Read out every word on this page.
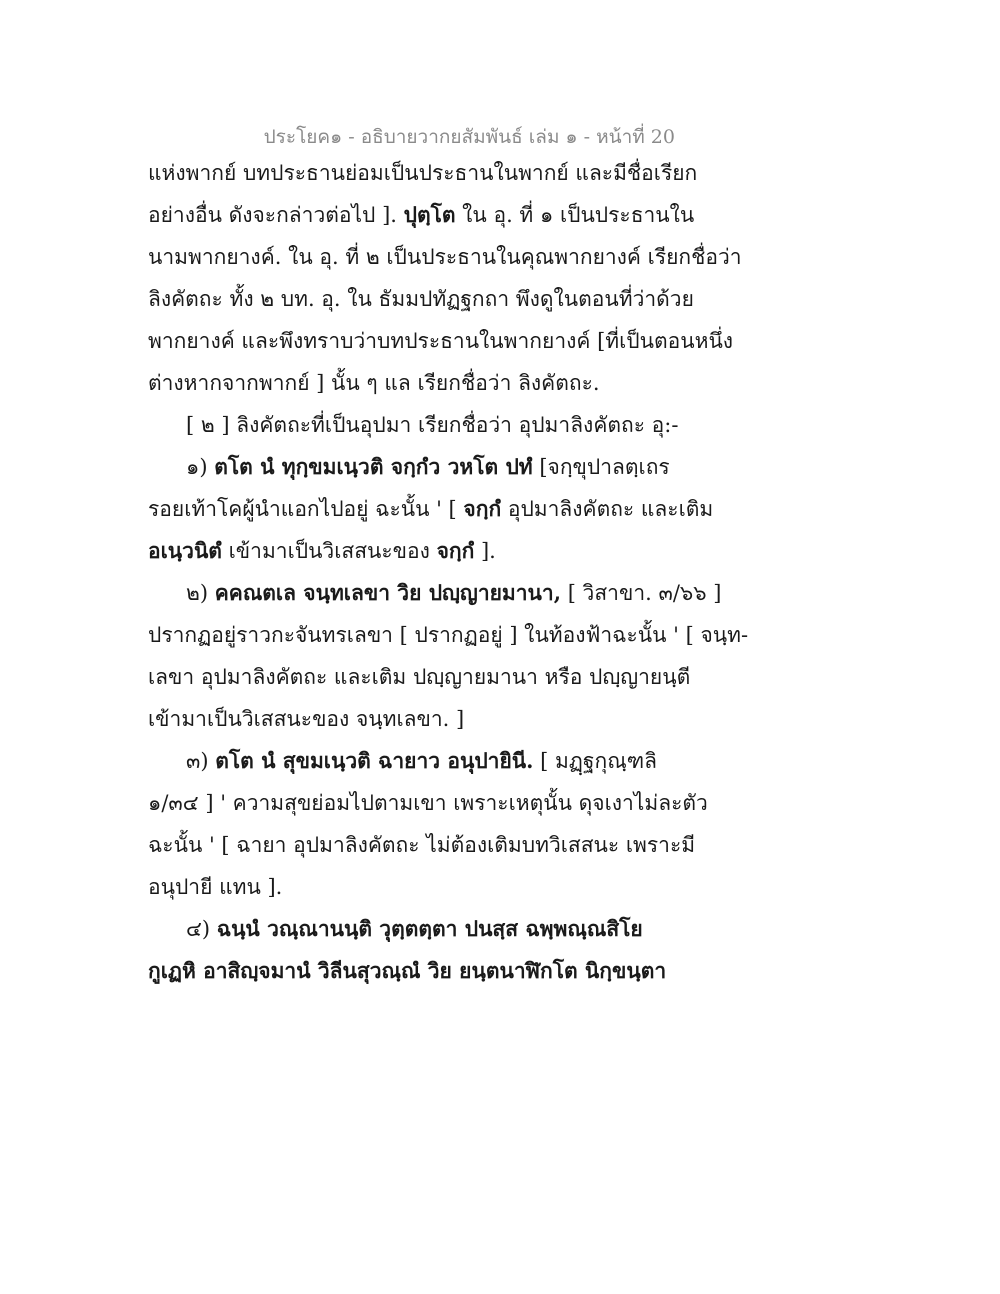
ประโยค๑ - อธิบายวากยสัมพันธ์ เล่ม ๑ - หน้าที่ 20
แห่งพากย์ บทประธานย่อมเป็นประธานในพากย์ และมีชื่อเรียก
อย่างอื่น ดังจะกล่าวต่อไป ]. ปุตฺโต ใน อุ. ที่ ๑ เป็นประธานใน
นามพากยางค์. ใน อุ. ที่ ๒ เป็นประธานในคุณพากยางค์ เรียกชื่อว่า
ลิงคัตถะ ทั้ง ๒ บท. อุ. ใน ธัมมปทัฏฐกถา พึงดูในตอนที่ว่าด้วย
พากยางค์ และพึงทราบว่าบทประธานในพากยางค์ [ที่เป็นตอนหนึ่ง
ต่างหากจากพากย์ ] นั้น ๆ แล เรียกชื่อว่า ลิงคัตถะ.
[ ๒ ] ลิงคัตถะที่เป็นอุปมา เรียกชื่อว่า อุปมาลิงคัตถะ อุ:-
๑) ตโต นํ ทุกฺขมเนฺวติ จกฺกํว วหโต ปทํ [จกฺขุปาลตฺเถร
รอยเท้าโคผู้นำแอกไปอยู่ ฉะนั้น ' [ จกฺกํ อุปมาลิงคัตถะ และเติม
อเนฺวนิตํ เข้ามาเป็นวิเสสนะของ จกฺกํ ].
๒) คคณตเล จนฺทเลขา วิย ปญฺญายมานา, [ วิสาขา. ๓/๖๖ ]
ปรากฏอยู่ราวกะจันทรเลขา [ ปรากฏอยู่ ] ในท้องฟ้าฉะนั้น ' [ จนฺท-
เลขา อุปมาลิงคัตถะ และเติม ปญฺญายมานา หรือ ปญฺญายนฺตี
เข้ามาเป็นวิเสสนะของ จนฺทเลขา. ]
๓) ตโต นํ สุขมเนฺวติ ฉายาว อนุปายินี. [ มฏฺฐกุณฺฑลิ
๑/๓๔ ] ' ความสุขย่อมไปตามเขา เพราะเหตุนั้น ดุจเงาไม่ละตัว
ฉะนั้น ' [ ฉายา อุปมาลิงคัตถะ ไม่ต้องเติมบทวิเสสนะ เพราะมี
อนุปายี แทน ].
๔) ฉนฺนํ วณฺณานนฺติ วุตฺตตฺตา ปนสฺส ฉพฺพณฺณสิโย
กูเฏหิ อาสิญฺจมานํ วิลีนสุวณฺณํ วิย ยนฺตนาฬิกโต นิกฺขนฺตา
